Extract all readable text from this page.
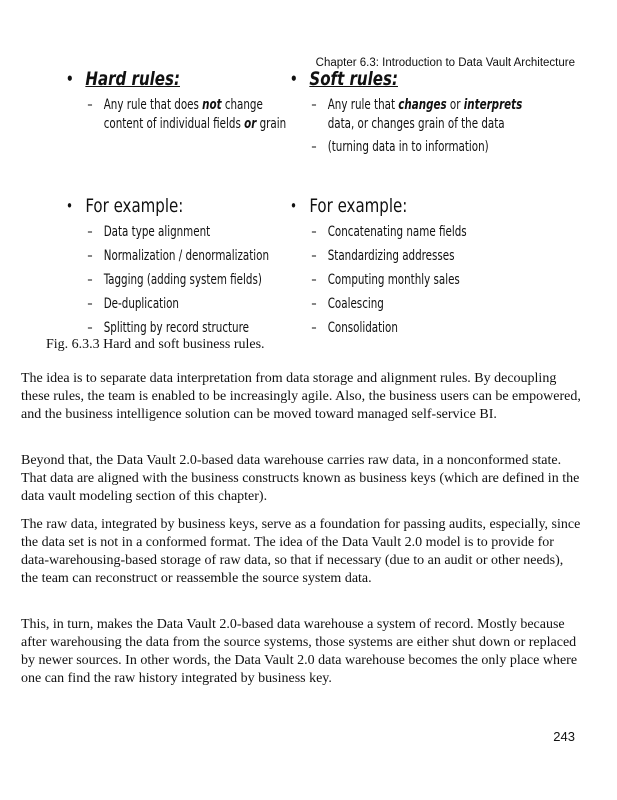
Chapter 6.3: Introduction to Data Vault Architecture
• Hard rules:
– Any rule that does not change
content of individual fields or grain
• Soft rules:
– Any rule that changes or interprets
data, or changes grain of the data
– (turning data in to information)
• For example:
– Data type alignment
– Normalization / denormalization
– Tagging (adding system fields)
– De-duplication
– Splitting by record structure
• For example:
– Concatenating name fields
– Standardizing addresses
– Computing monthly sales
– Coalescing
– Consolidation
Fig. 6.3.3 Hard and soft business rules.

The idea is to separate data interpretation from data storage and alignment rules. By decoupling these rules, the team is enabled to be increasingly agile. Also, the business users can be empowered, and the business intelligence solution can be moved toward managed self-service BI.

Beyond that, the Data Vault 2.0-based data warehouse carries raw data, in a nonconformed state. That data are aligned with the business constructs known as business keys (which are defined in the data vault modeling section of this chapter).

The raw data, integrated by business keys, serve as a foundation for passing audits, especially, since the data set is not in a conformed format. The idea of the Data Vault 2.0 model is to provide for data-warehousing-based storage of raw data, so that if necessary (due to an audit or other needs), the team can reconstruct or reassemble the source system data.

This, in turn, makes the Data Vault 2.0-based data warehouse a system of record. Mostly because after warehousing the data from the source systems, those systems are either shut down or replaced by newer sources. In other words, the Data Vault 2.0 data warehouse becomes the only place where one can find the raw history integrated by business key.

243
